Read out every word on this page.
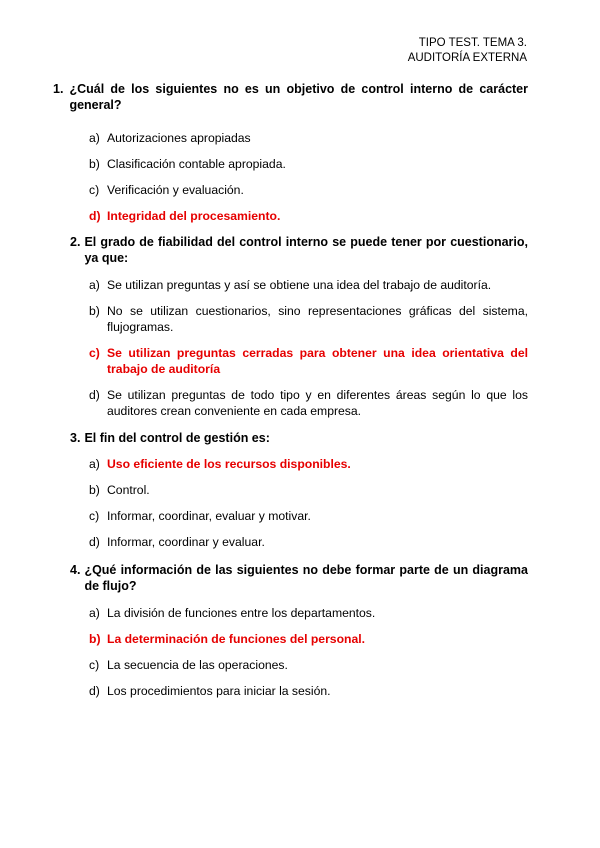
TIPO TEST. TEMA 3.
AUDITORÍA EXTERNA
1. ¿Cuál de los siguientes no es un objetivo de control interno de carácter general?
a) Autorizaciones apropiadas
b) Clasificación contable apropiada.
c) Verificación y evaluación.
d) Integridad del procesamiento.
2. El grado de fiabilidad del control interno se puede tener por cuestionario, ya que:
a) Se utilizan preguntas y así se obtiene una idea del trabajo de auditoría.
b) No se utilizan cuestionarios, sino representaciones gráficas del sistema, flujogramas.
c) Se utilizan preguntas cerradas para obtener una idea orientativa del trabajo de auditoría
d) Se utilizan preguntas de todo tipo y en diferentes áreas según lo que los auditores crean conveniente en cada empresa.
3. El fin del control de gestión es:
a) Uso eficiente de los recursos disponibles.
b) Control.
c) Informar, coordinar, evaluar y motivar.
d) Informar, coordinar y evaluar.
4. ¿Qué información de las siguientes no debe formar parte de un diagrama de flujo?
a) La división de funciones entre los departamentos.
b) La determinación de funciones del personal.
c) La secuencia de las operaciones.
d) Los procedimientos para iniciar la sesión.
